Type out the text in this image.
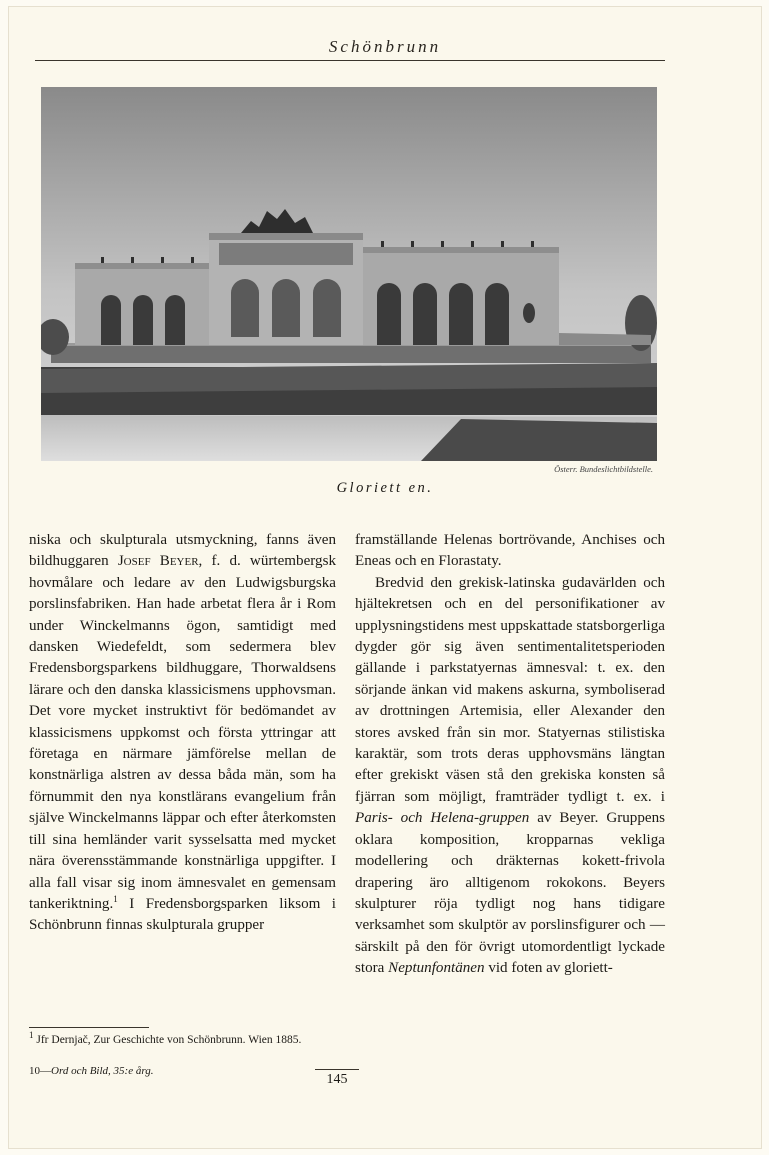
Schönbrunn
Österr. Bundeslichtbildstelle.
Gloriett en.

niska och skulpturala utsmyckning, fanns även bildhuggaren Josef Beyer, f. d. würtembergsk hovmålare och ledare av den Ludwigsburgska porslinsfabriken. Han hade arbetat flera år i Rom under Winckelmanns ögon, samtidigt med dansken Wiedefeldt, som sedermera blev Fredensborgsparkens bildhuggare, Thorwaldsens lärare och den danska klassicismens upphovsman. Det vore mycket instruktivt för bedömandet av klassicismens uppkomst och första yttringar att företaga en närmare jämförelse mellan de konstnärliga alstren av dessa båda män, som ha förnummit den nya konstlärans evangelium från själve Winckelmanns läppar och efter återkomsten till sina hemländer varit sysselsatta med mycket nära överensstämmande konstnärliga uppgifter. I alla fall visar sig inom ämnesvalet en gemensam tankeriktning.$^1$ I Fredensborgsparken liksom i Schönbrunn finnas skulpturala grupper

framställande Helenas bortrövande, Anchises och Eneas och en Florastaty.

Bredvid den grekisk-latinska gudavärlden och hjältekretsen och en del personifikationer av upplysningstidens mest uppskattade statsborgerliga dygder gör sig även sentimentalitetsperioden gällande i parkstatyernas ämnesval: t. ex. den sörjande änkan vid makens askurna, symboliserad av drottningen Artemisia, eller Alexander den stores avsked från sin mor. Statyernas stilistiska karaktär, som trots deras upphovsmäns längtan efter grekiskt väsen stå den grekiska konsten så fjärran som möjligt, framträder tydligt t. ex. i Paris- och Helena-gruppen av Beyer. Gruppens oklara komposition, kropparnas vekliga modellering och dräkternas kokett-frivola drapering äro alltigenom rokokons. Beyers skulpturer röja tydligt nog hans tidigare verksamhet som skulptör av porslinsfigurer och — särskilt på den för övrigt utomordentligt lyckade stora Neptunfontänen vid foten av gloriett-

$^1$ Jfr Dernjač, Zur Geschichte von Schönbrunn. Wien 1885.
10—Ord och Bild, 35:e årg.
145
